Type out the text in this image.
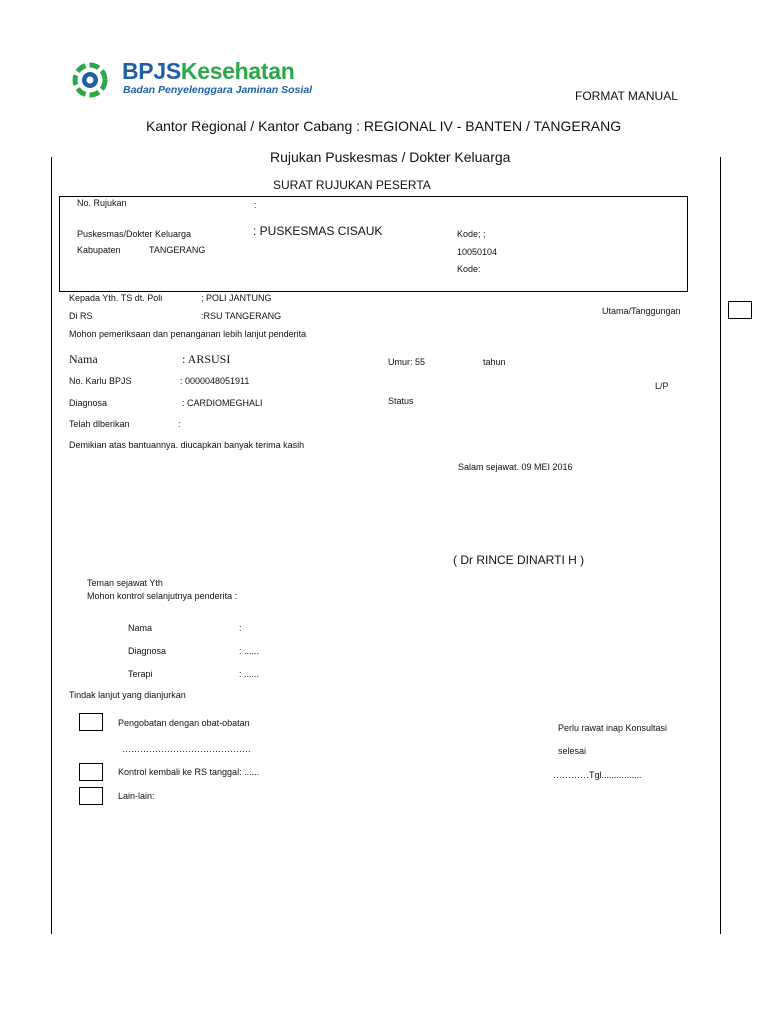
BPJSKesehatan
Badan Penyelenggara Jaminan Sosial	FORMAT MANUAL
Kantor Regional / Kantor Cabang : REGIONAL IV - BANTEN / TANGERANG
Rujukan Puskesmas / Dokter Keluarga
SURAT RUJUKAN PESERTA
No. Rujukan	:
Puskesmas/Dokter Keluarga	: PUSKESMAS CISAUK
Kabupaten	TANGERANG
Kode; ;
10050104
Kode:
Kepada Yth. TS dt. Poli	; POLI JANTUNG
Di RS	:RSU TANGERANG
Mohon pemeriksaan dan penanganan lebih lanjut penderita
Utama/Tanggungan
Nama	: ARSUSI	Umur: 55	tahun
No. Karlu BPJS	: 0000048051911	L/P
Diagnosa	: CARDIOMEGHALI	Status
Telah dlberikan	:
Demikian atas bantuannya. diucapkan banyak terima kasih
Salam sejawat. 09 MEI 2016
( Dr RINCE DINARTI H )
Teman sejawat Yth
Mohon kontrol selanjutnya penderita :
Nama	:
Diagnosa	: ......
Terapi	: ......
Tindak lanjut yang dianjurkan
Pengobatan dengan obat-obatan
…………………………………….
Kontrol kembali ke RS tanggal: ......
Lain-lain:
Perlu rawat inap Konsultasi
selesai
…………Tgl................
